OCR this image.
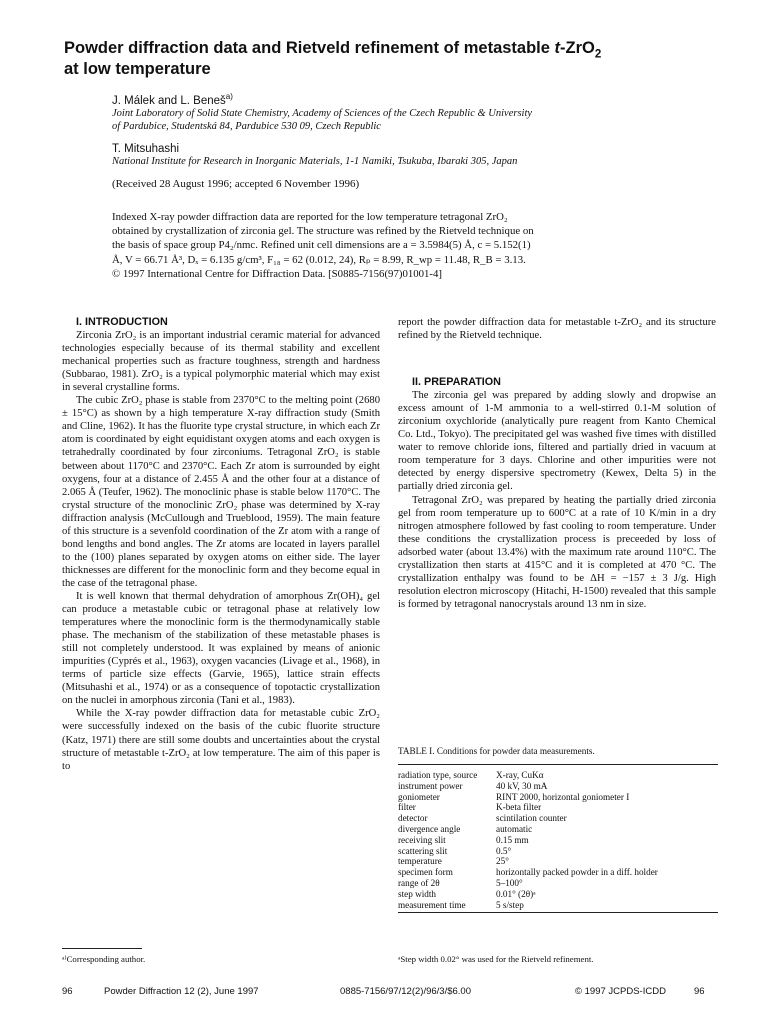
Powder diffraction data and Rietveld refinement of metastable t-ZrO$_2$
at low temperature
J. Málek and L. Beneš$^{a)}$
Joint Laboratory of Solid State Chemistry, Academy of Sciences of the Czech Republic & University
of Pardubice, Studentská 84, Pardubice 530 09, Czech Republic
T. Mitsuhashi
National Institute for Research in Inorganic Materials, 1-1 Namiki, Tsukuba, Ibaraki 305, Japan
(Received 28 August 1996; accepted 6 November 1996)
Indexed X-ray powder diffraction data are reported for the low temperature tetragonal ZrO₂
obtained by crystallization of zirconia gel. The structure was refined by the Rietveld technique on
the basis of space group P4₂/nmc. Refined unit cell dimensions are a = 3.5984(5) Å, c = 5.152(1)
Å, V = 66.71 Å³, Dₓ = 6.135 g/cm³, F₁₈ = 62 (0.012, 24), Rₚ = 8.99, R_wp = 11.48, R_B = 3.13.
© 1997 International Centre for Diffraction Data. [S0885-7156(97)01001-4]

I. INTRODUCTION

Zirconia ZrO₂ is an important industrial ceramic material for advanced technologies especially because of its thermal stability and excellent mechanical properties such as fracture toughness, strength and hardness (Subbarao, 1981). ZrO₂ is a typical polymorphic material which may exist in several crystalline forms.

The cubic ZrO₂ phase is stable from 2370°C to the melting point (2680 ± 15°C) as shown by a high temperature X-ray diffraction study (Smith and Cline, 1962). It has the fluorite type crystal structure, in which each Zr atom is coordinated by eight equidistant oxygen atoms and each oxygen is tetrahedrally coordinated by four zirconiums. Tetragonal ZrO₂ is stable between about 1170°C and 2370°C. Each Zr atom is surrounded by eight oxygens, four at a distance of 2.455 Å and the other four at a distance of 2.065 Å (Teufer, 1962). The monoclinic phase is stable below 1170°C. The crystal structure of the monoclinic ZrO₂ phase was determined by X-ray diffraction analysis (McCullough and Trueblood, 1959). The main feature of this structure is a sevenfold coordination of the Zr atom with a range of bond lengths and bond angles. The Zr atoms are located in layers parallel to the (100) planes separated by oxygen atoms on either side. The layer thicknesses are different for the monoclinic form and they become equal in the case of the tetragonal phase.

It is well known that thermal dehydration of amorphous Zr(OH)₄ gel can produce a metastable cubic or tetragonal phase at relatively low temperatures where the monoclinic form is the thermodynamically stable phase. The mechanism of the stabilization of these metastable phases is still not completely understood. It was explained by means of anionic impurities (Cyprés et al., 1963), oxygen vacancies (Livage et al., 1968), in terms of particle size effects (Garvie, 1965), lattice strain effects (Mitsuhashi et al., 1974) or as a consequence of topotactic crystallization on the nuclei in amorphous zirconia (Tani et al., 1983).

While the X-ray powder diffraction data for metastable cubic ZrO₂ were successfully indexed on the basis of the cubic fluorite structure (Katz, 1971) there are still some doubts and uncertainties about the crystal structure of metastable t-ZrO₂ at low temperature. The aim of this paper is to

report the powder diffraction data for metastable t-ZrO₂ and its structure refined by the Rietveld technique.

II. PREPARATION

The zirconia gel was prepared by adding slowly and dropwise an excess amount of 1-M ammonia to a well-stirred 0.1-M solution of zirconium oxychloride (analytically pure reagent from Kanto Chemical Co. Ltd., Tokyo). The precipitated gel was washed five times with distilled water to remove chloride ions, filtered and partially dried in vacuum at room temperature for 3 days. Chlorine and other impurities were not detected by energy dispersive spectrometry (Kewex, Delta 5) in the partially dried zirconia gel.

Tetragonal ZrO₂ was prepared by heating the partially dried zirconia gel from room temperature up to 600°C at a rate of 10 K/min in a dry nitrogen atmosphere followed by fast cooling to room temperature. Under these conditions the crystallization process is preceeded by loss of adsorbed water (about 13.4%) with the maximum rate around 110°C. The crystallization then starts at 415°C and it is completed at 470 °C. The crystallization enthalpy was found to be ΔH = −157 ± 3 J/g. High resolution electron microscopy (Hitachi, H-1500) revealed that this sample is formed by tetragonal nanocrystals around 13 nm in size.

TABLE I. Conditions for powder data measurements.
radiation type, source	X-ray, CuKα
instrument power	40 kV, 30 mA
goniometer	RINT 2000, horizontal goniometer I
filter	K-beta filter
detector	scintilation counter
divergence angle	automatic
receiving slit	0.15 mm
scattering slit	0.5°
temperature	25°
specimen form	horizontally packed powder in a diff. holder
range of 2θ	5–100°
step width	0.01° (2θ)ᵃ
measurement time	5 s/step
ᵃStep width 0.02° was used for the Rietveld refinement.
ᵃ⁾Corresponding author.
96	Powder Diffraction 12 (2), June 1997	0885-7156/97/12(2)/96/3/$6.00	© 1997 JCPDS-ICDD	96
